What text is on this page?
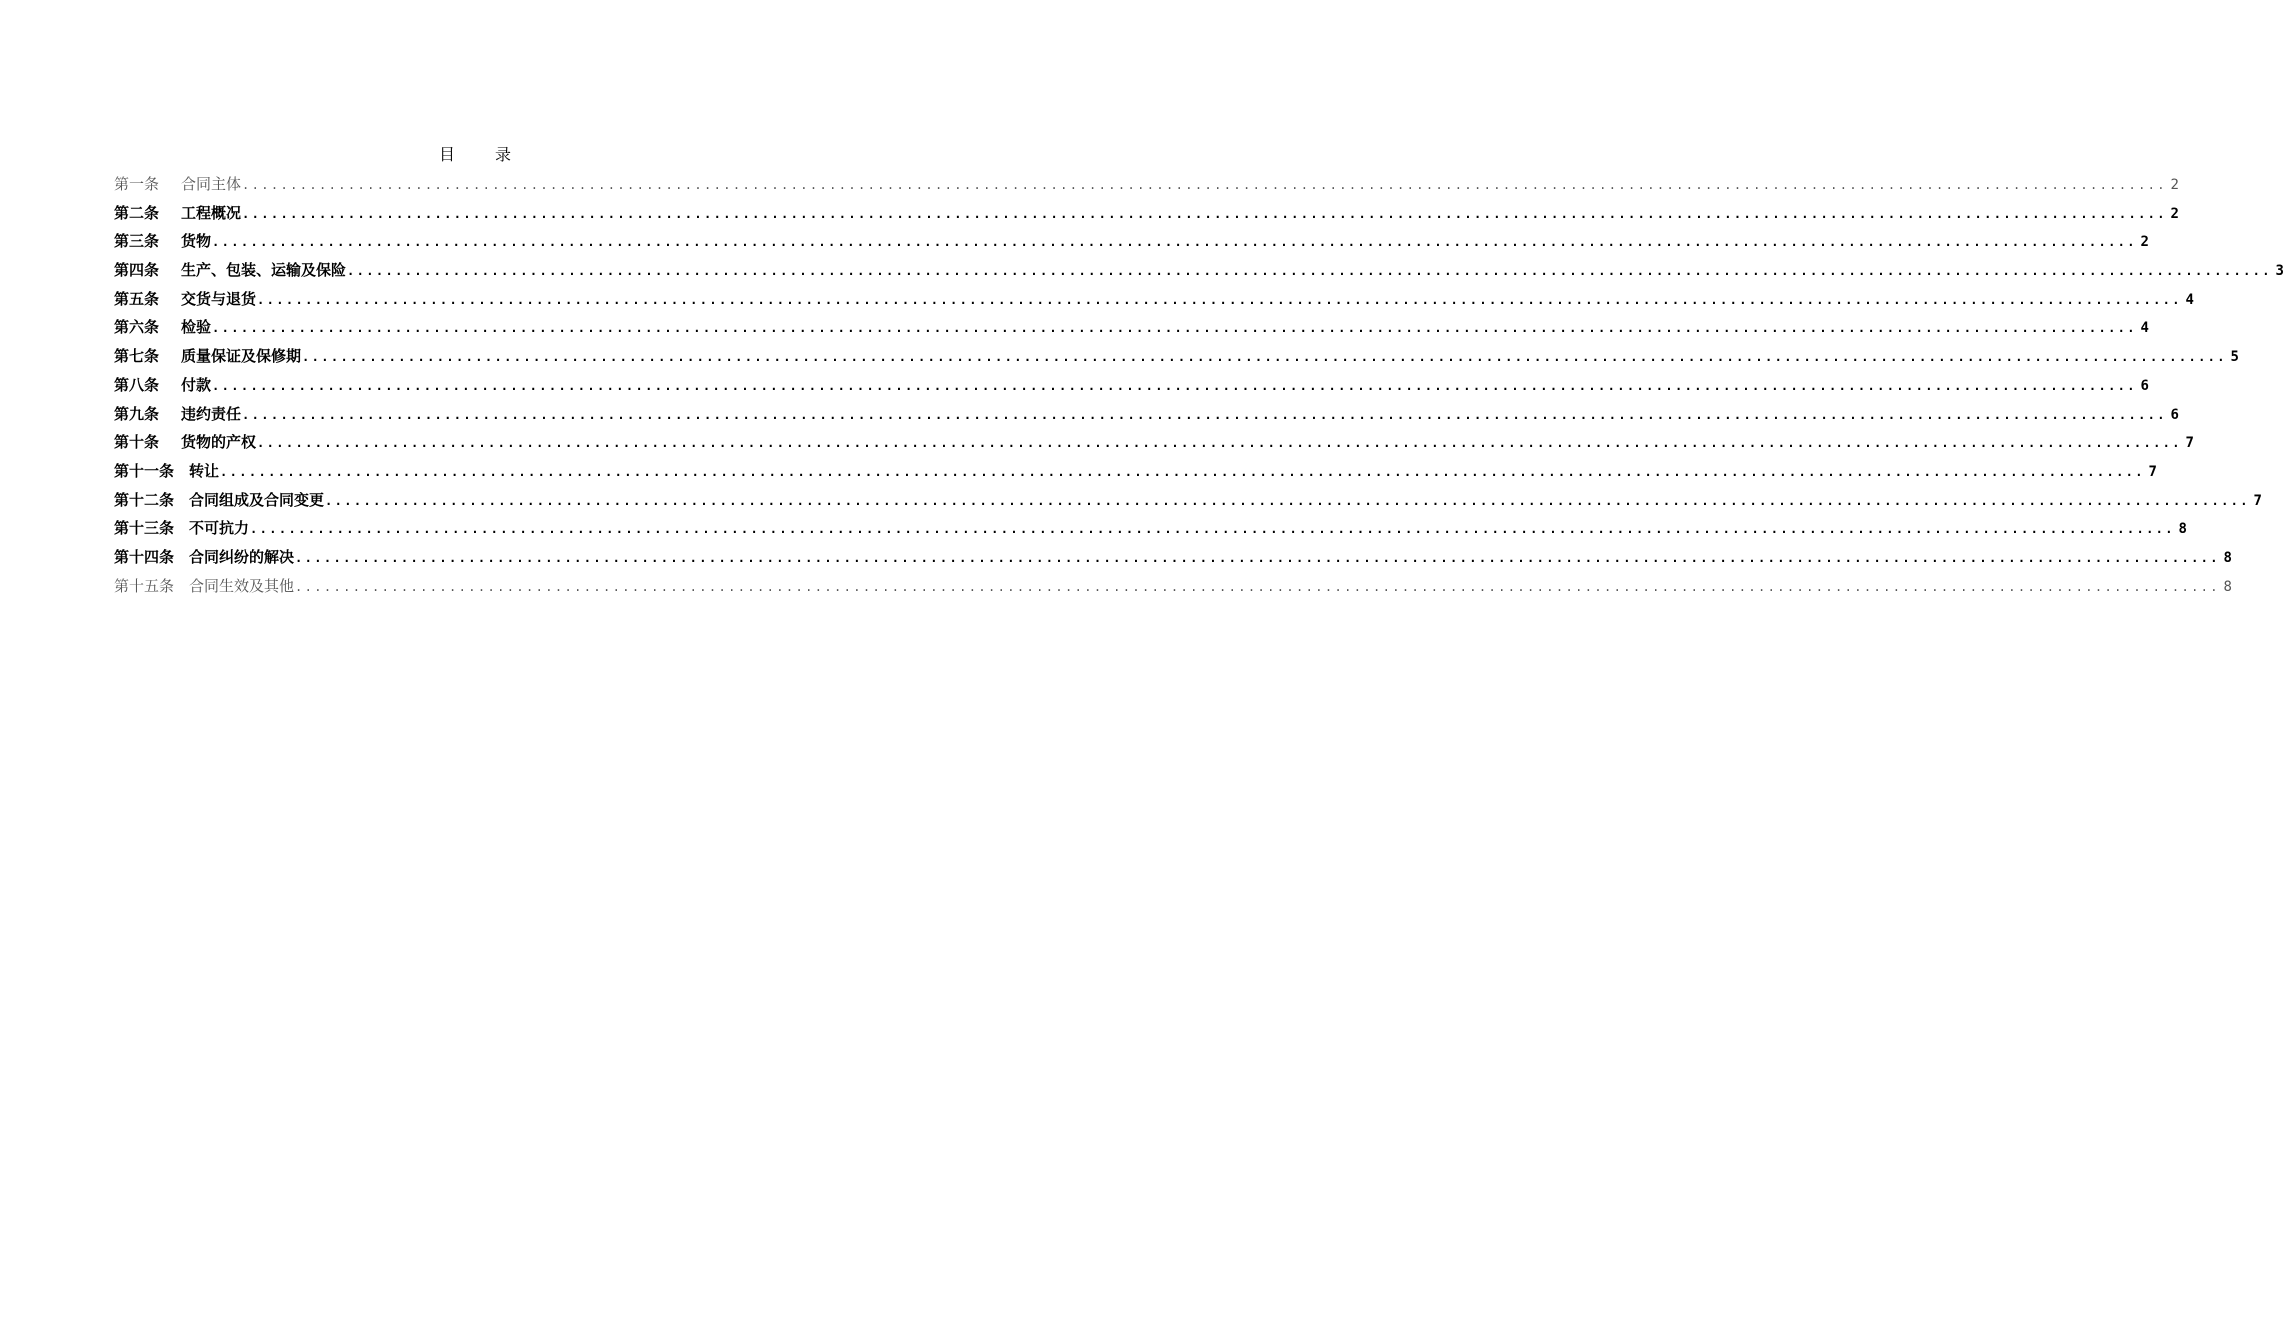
目	录
第一条	合同主体 ........................................................................................................................................................................................................ 2
第二条	工程概况 ........................................................................................................................................................................................................ 2
第三条	货物 ........................................................................................................................................................................................................ 2
第四条	生产、包装、运输及保险 ........................................................................................................................................................................................................ 3
第五条	交货与退货 ........................................................................................................................................................................................................ 4
第六条	检验 ........................................................................................................................................................................................................ 4
第七条	质量保证及保修期 ........................................................................................................................................................................................................ 5
第八条	付款 ........................................................................................................................................................................................................ 6
第九条	违约责任 ........................................................................................................................................................................................................ 6
第十条	货物的产权 ........................................................................................................................................................................................................ 7
第十一条 转让 ........................................................................................................................................................................................................ 7
第十二条 合同组成及合同变更 ........................................................................................................................................................................................................ 7
第十三条 不可抗力 ........................................................................................................................................................................................................ 8
第十四条 合同纠纷的解决 ........................................................................................................................................................................................................ 8
第十五条 合同生效及其他 ........................................................................................................................................................................................................ 8
